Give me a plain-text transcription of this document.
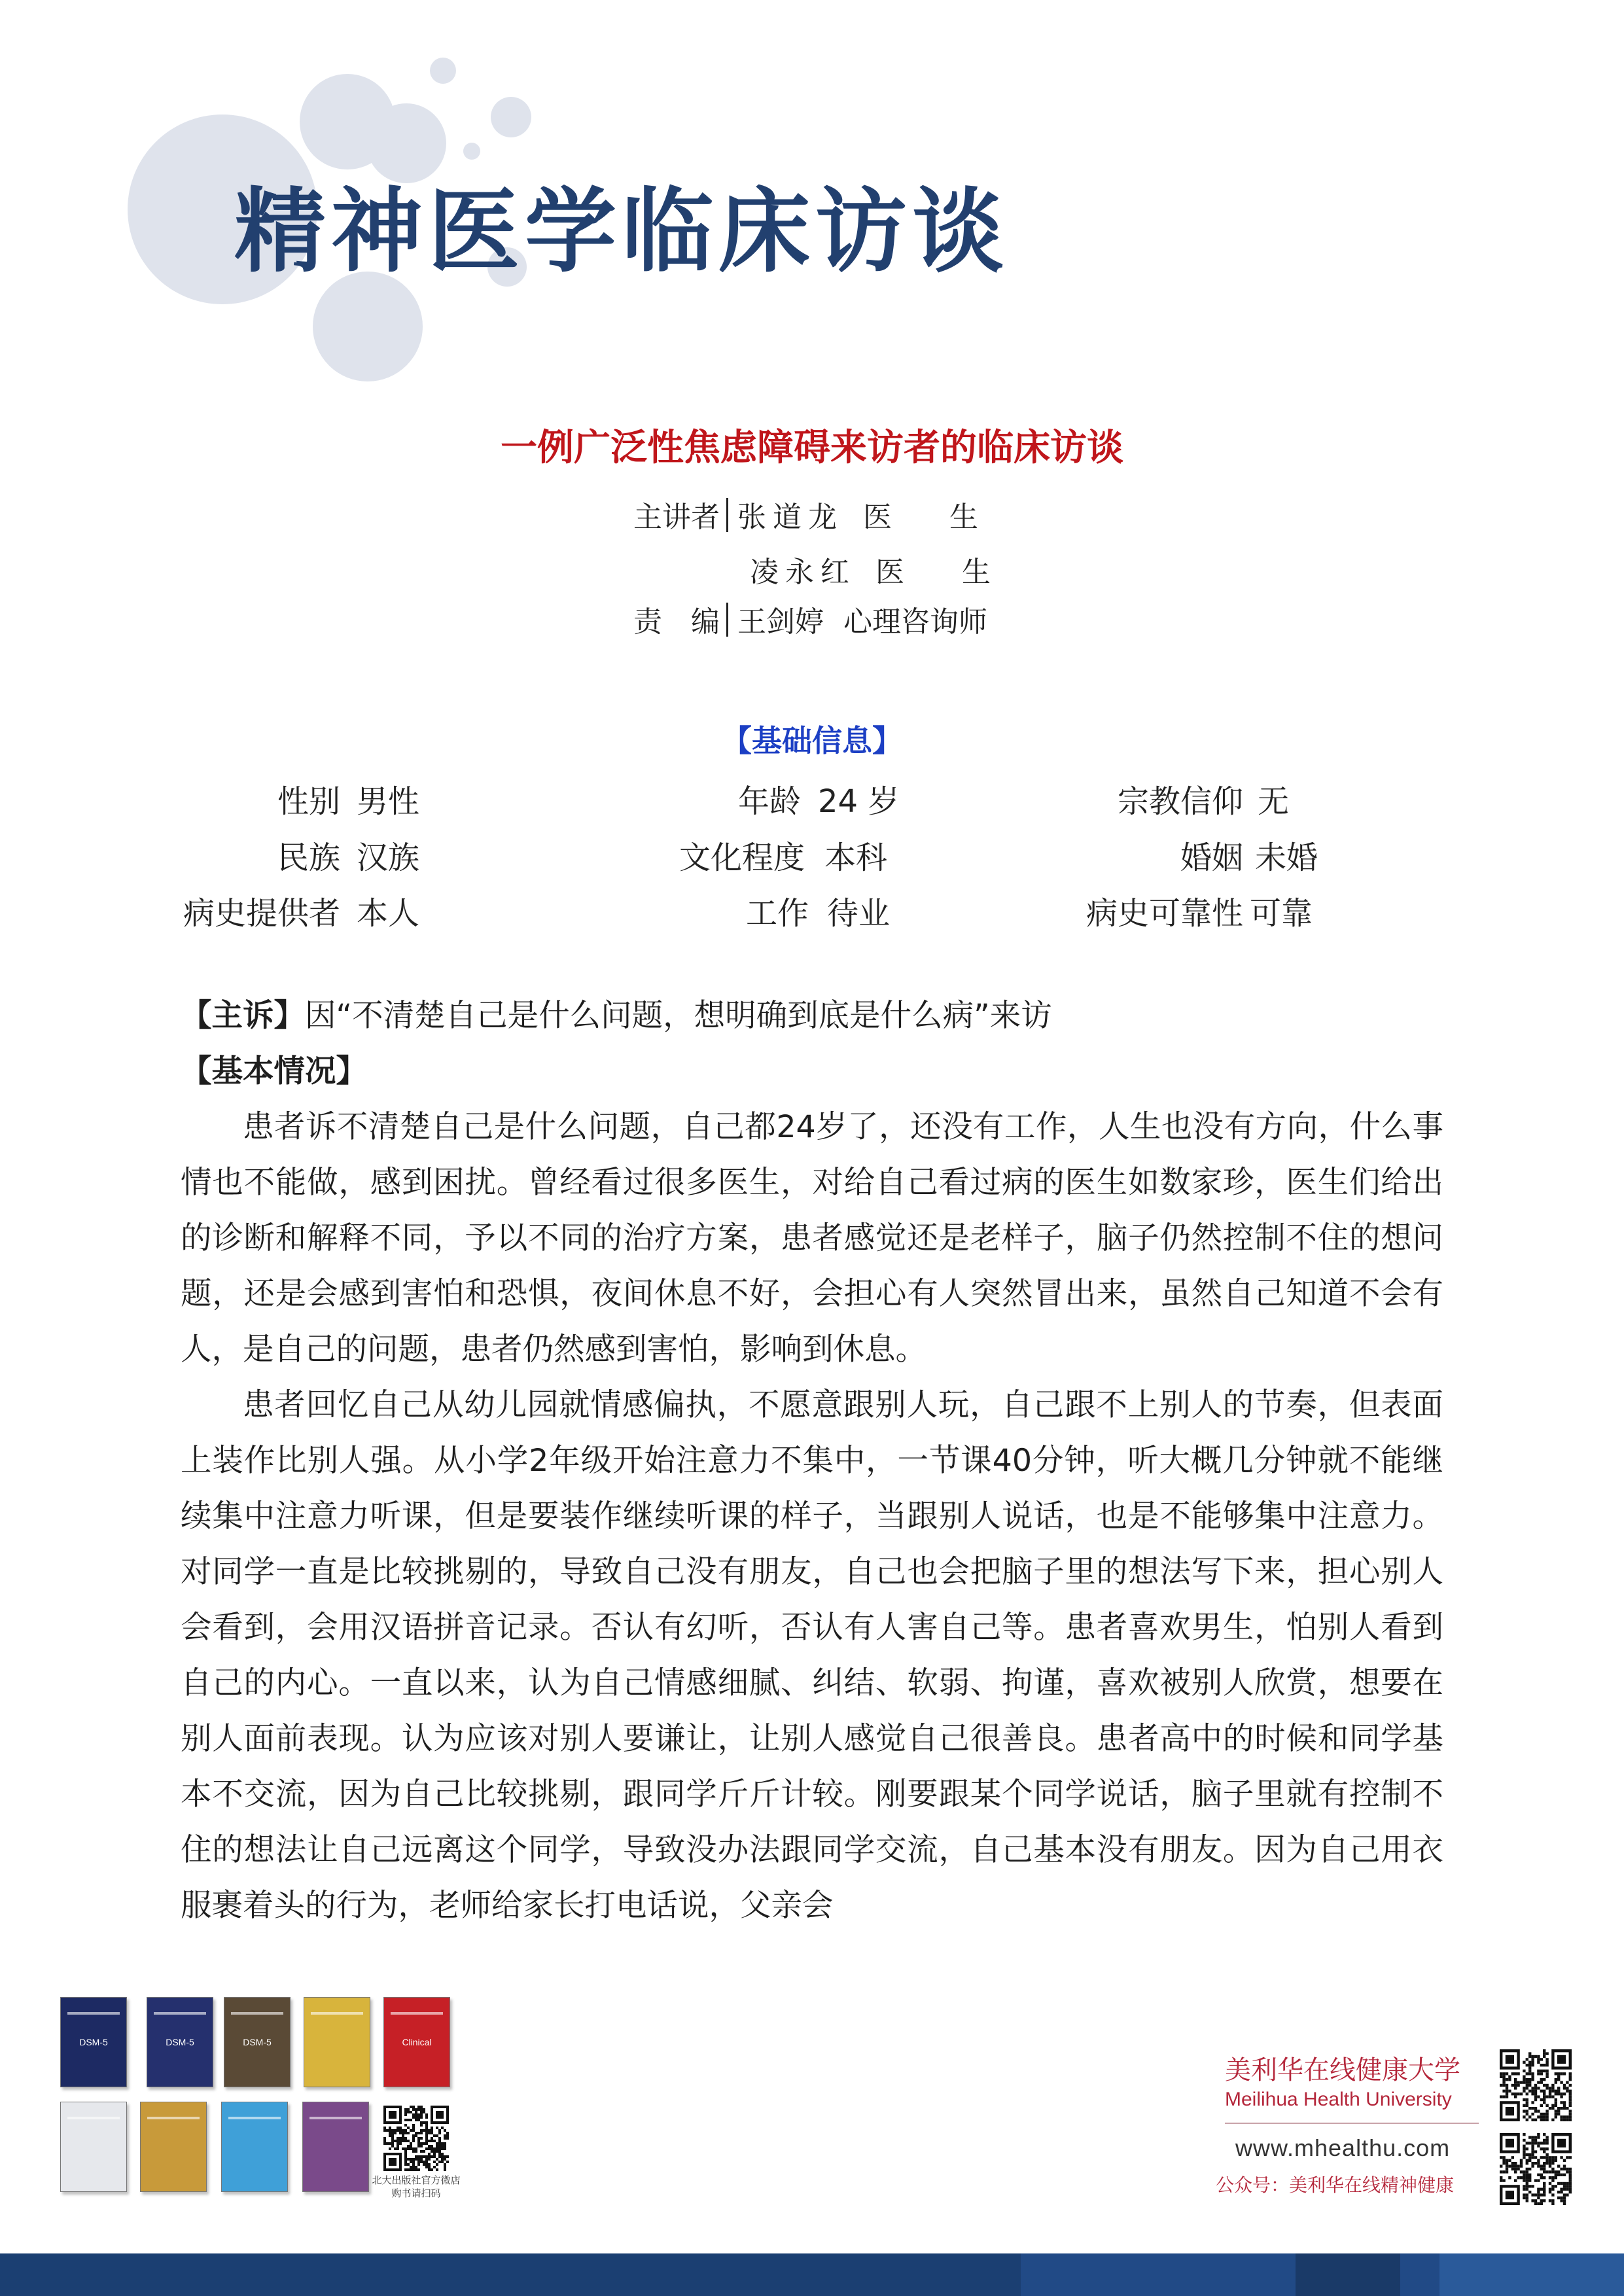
精神医学临床访谈
一例广泛性焦虑障碍来访者的临床访谈
主讲者 张道龙 医　　生
凌永红 医　　生
责　编 王剑婷 心理咨询师
【基础信息】
性别 男性	年龄 24 岁	宗教信仰 无
民族 汉族	文化程度 本科	婚姻 未婚
病史提供者 本人	工作 待业	病史可靠性 可靠

【主诉】因“不清楚自己是什么问题，想明确到底是什么病”来访

【基本情况】

患者诉不清楚自己是什么问题，自己都24岁了，还没有工作，人生也没有方向，什么事情也不能做，感到困扰。曾经看过很多医生，对给自己看过病的医生如数家珍，医生们给出的诊断和解释不同，予以不同的治疗方案，患者感觉还是老样子，脑子仍然控制不住的想问题，还是会感到害怕和恐惧，夜间休息不好，会担心有人突然冒出来，虽然自己知道不会有人，是自己的问题，患者仍然感到害怕，影响到休息。

患者回忆自己从幼儿园就情感偏执，不愿意跟别人玩，自己跟不上别人的节奏，但表面上装作比别人强。从小学2年级开始注意力不集中，一节课40分钟，听大概几分钟就不能继续集中注意力听课，但是要装作继续听课的样子，当跟别人说话，也是不能够集中注意力。对同学一直是比较挑剔的，导致自己没有朋友，自己也会把脑子里的想法写下来，担心别人会看到，会用汉语拼音记录。否认有幻听，否认有人害自己等。患者喜欢男生，怕别人看到自己的内心。一直以来，认为自己情感细腻、纠结、软弱、拘谨，喜欢被别人欣赏，想要在别人面前表现。认为应该对别人要谦让，让别人感觉自己很善良。患者高中的时候和同学基本不交流，因为自己比较挑剔，跟同学斤斤计较。刚要跟某个同学说话，脑子里就有控制不住的想法让自己远离这个同学，导致没办法跟同学交流，自己基本没有朋友。因为自己用衣服裹着头的行为，老师给家长打电话说，父亲会

DSM-5	DSM-5	DSM-5	Clinical
北大出版社官方微店
购书请扫码
美利华在线健康大学
Meilihua Health University
www.mhealthu.com
公众号：美利华在线精神健康
